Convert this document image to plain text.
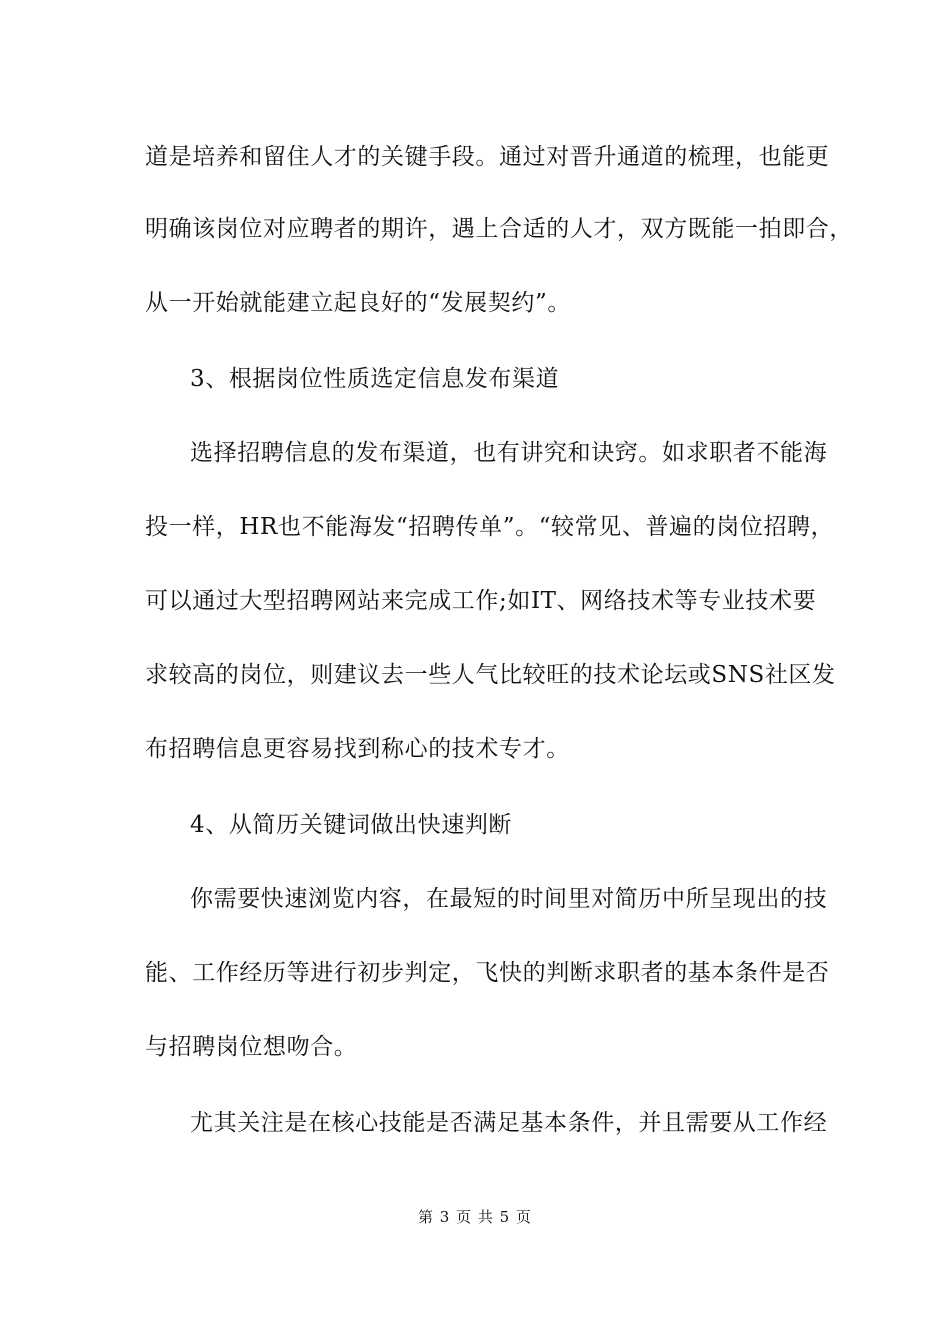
道是培养和留住人才的关键手段。通过对晋升通道的梳理，也能更
明确该岗位对应聘者的期许，遇上合适的人才，双方既能一拍即合，
从一开始就能建立起良好的“发展契约”。
3、根据岗位性质选定信息发布渠道
选择招聘信息的发布渠道，也有讲究和诀窍。如求职者不能海
投一样，HR也不能海发“招聘传单”。“较常见、普遍的岗位招聘，
可以通过大型招聘网站来完成工作;如IT、网络技术等专业技术要
求较高的岗位，则建议去一些人气比较旺的技术论坛或SNS社区发
布招聘信息更容易找到称心的技术专才。
4、从简历关键词做出快速判断
你需要快速浏览内容，在最短的时间里对简历中所呈现出的技
能、工作经历等进行初步判定，飞快的判断求职者的基本条件是否
与招聘岗位想吻合。
尤其关注是在核心技能是否满足基本条件，并且需要从工作经
第 3 页 共 5 页
